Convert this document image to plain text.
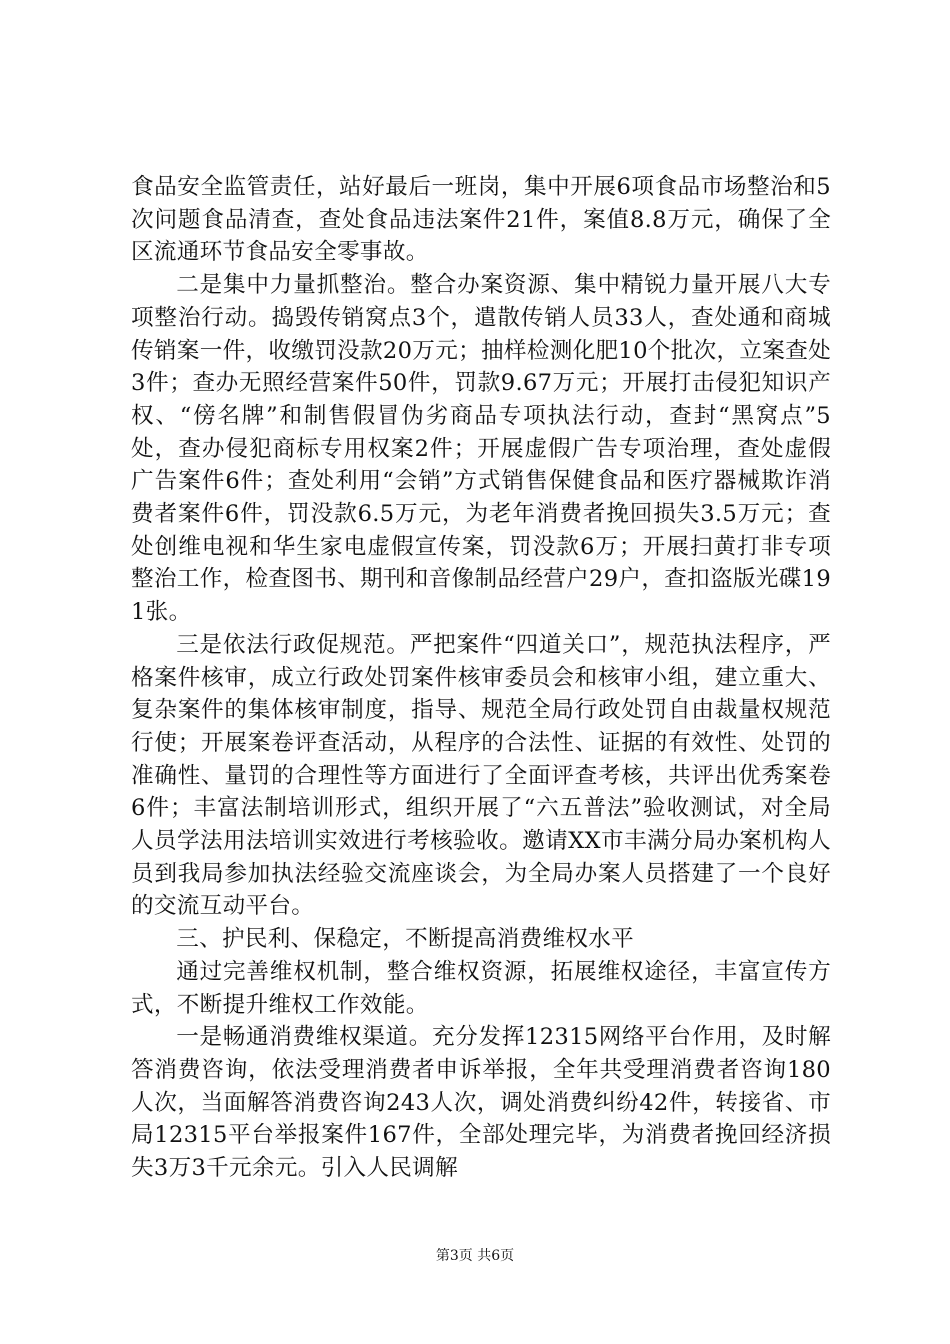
食品安全监管责任，站好最后一班岗，集中开展6项食品市场整治和5次问题食品清查，查处食品违法案件21件，案值8.8万元，确保了全区流通环节食品安全零事故。

二是集中力量抓整治。整合办案资源、集中精锐力量开展八大专项整治行动。捣毁传销窝点3个，遣散传销人员33人，查处通和商城传销案一件，收缴罚没款20万元；抽样检测化肥10个批次，立案查处3件；查办无照经营案件50件，罚款9.67万元；开展打击侵犯知识产权、“傍名牌”和制售假冒伪劣商品专项执法行动，查封“黑窝点”5处，查办侵犯商标专用权案2件；开展虚假广告专项治理，查处虚假广告案件6件；查处利用“会销”方式销售保健食品和医疗器械欺诈消费者案件6件，罚没款6.5万元，为老年消费者挽回损失3.5万元；查处创维电视和华生家电虚假宣传案，罚没款6万；开展扫黄打非专项整治工作，检查图书、期刊和音像制品经营户29户，查扣盗版光碟191张。

三是依法行政促规范。严把案件“四道关口”，规范执法程序，严格案件核审，成立行政处罚案件核审委员会和核审小组，建立重大、复杂案件的集体核审制度，指导、规范全局行政处罚自由裁量权规范行使；开展案卷评查活动，从程序的合法性、证据的有效性、处罚的准确性、量罚的合理性等方面进行了全面评查考核，共评出优秀案卷6件；丰富法制培训形式，组织开展了“六五普法”验收测试，对全局人员学法用法培训实效进行考核验收。邀请XX市丰满分局办案机构人员到我局参加执法经验交流座谈会，为全局办案人员搭建了一个良好的交流互动平台。

三、护民利、保稳定，不断提高消费维权水平

通过完善维权机制，整合维权资源，拓展维权途径，丰富宣传方式，不断提升维权工作效能。

一是畅通消费维权渠道。充分发挥12315网络平台作用，及时解答消费咨询，依法受理消费者申诉举报，全年共受理消费者咨询180人次，当面解答消费咨询243人次，调处消费纠纷42件，转接省、市局12315平台举报案件167件，全部处理完毕，为消费者挽回经济损失3万3千元余元。引入人民调解

第3页 共6页
